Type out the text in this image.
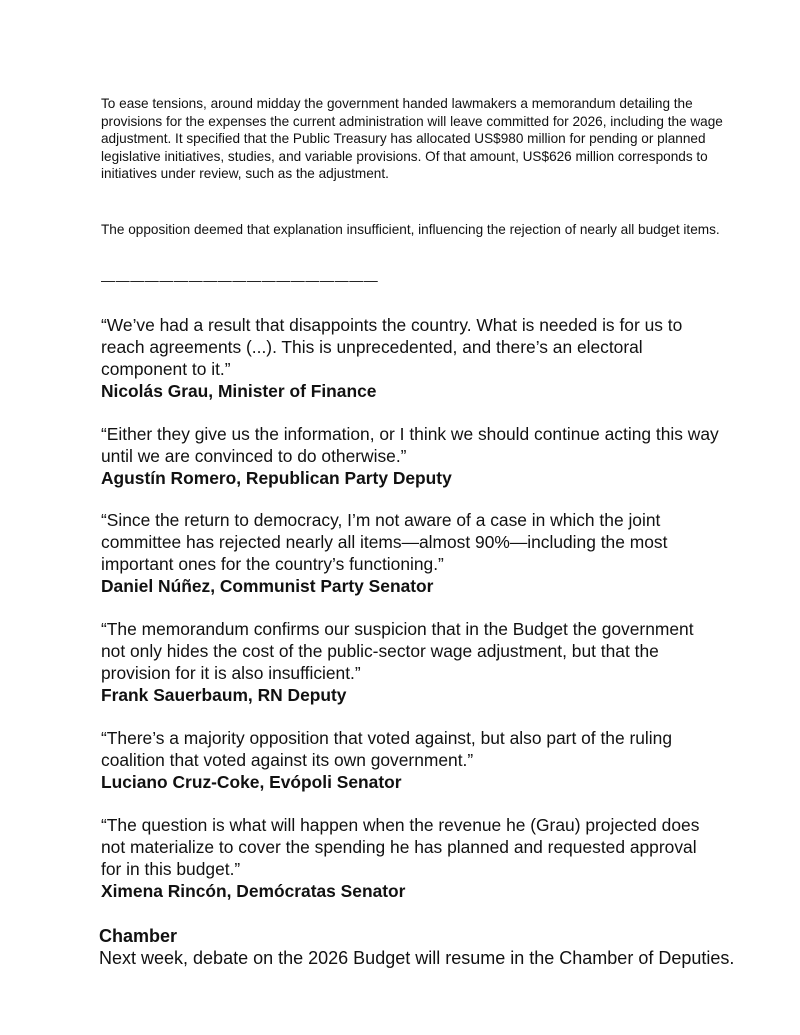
To ease tensions, around midday the government handed lawmakers a memorandum detailing the provisions for the expenses the current administration will leave committed for 2026, including the wage adjustment. It specified that the Public Treasury has allocated US$980 million for pending or planned legislative initiatives, studies, and variable provisions. Of that amount, US$626 million corresponds to initiatives under review, such as the adjustment.

The opposition deemed that explanation insufficient, influencing the rejection of nearly all budget items.

———————————————————

“We’ve had a result that disappoints the country. What is needed is for us to reach agreements (...). This is unprecedented, and there’s an electoral component to it.”

Nicolás Grau, Minister of Finance

“Either they give us the information, or I think we should continue acting this way until we are convinced to do otherwise.”

Agustín Romero, Republican Party Deputy

“Since the return to democracy, I’m not aware of a case in which the joint committee has rejected nearly all items—almost 90%—including the most important ones for the country’s functioning.”

Daniel Núñez, Communist Party Senator

“The memorandum confirms our suspicion that in the Budget the government not only hides the cost of the public-sector wage adjustment, but that the provision for it is also insufficient.”

Frank Sauerbaum, RN Deputy

“There’s a majority opposition that voted against, but also part of the ruling coalition that voted against its own government.”

Luciano Cruz-Coke, Evópoli Senator

“The question is what will happen when the revenue he (Grau) projected does not materialize to cover the spending he has planned and requested approval for in this budget.”

Ximena Rincón, Demócratas Senator

Chamber

Next week, debate on the 2026 Budget will resume in the Chamber of Deputies.
